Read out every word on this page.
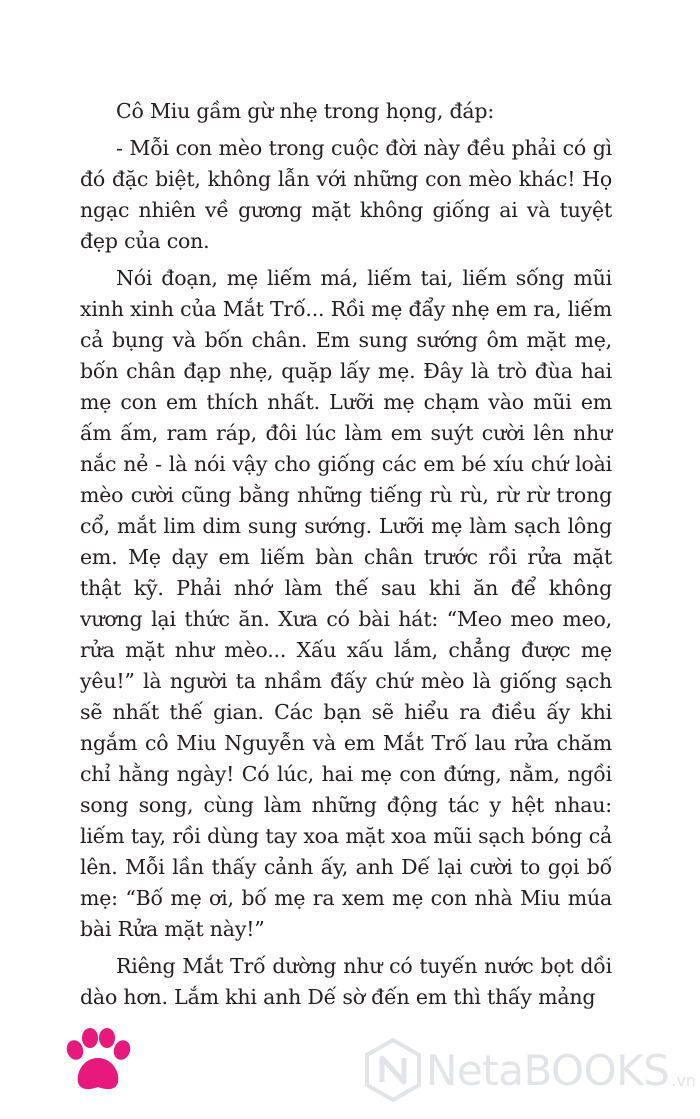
Cô Miu gầm gừ nhẹ trong họng, đáp:

- Mỗi con mèo trong cuộc đời này đều phải có gì đó đặc biệt, không lẫn với những con mèo khác! Họ ngạc nhiên về gương mặt không giống ai và tuyệt đẹp của con.

Nói đoạn, mẹ liếm má, liếm tai, liếm sống mũi xinh xinh của Mắt Trố... Rồi mẹ đẩy nhẹ em ra, liếm cả bụng và bốn chân. Em sung sướng ôm mặt mẹ, bốn chân đạp nhẹ, quặp lấy mẹ. Đây là trò đùa hai mẹ con em thích nhất. Lưỡi mẹ chạm vào mũi em ấm ấm, ram ráp, đôi lúc làm em suýt cười lên như nắc nẻ - là nói vậy cho giống các em bé xíu chứ loài mèo cười cũng bằng những tiếng rù rù, rừ rừ trong cổ, mắt lim dim sung sướng. Lưỡi mẹ làm sạch lông em. Mẹ dạy em liếm bàn chân trước rồi rửa mặt thật kỹ. Phải nhớ làm thế sau khi ăn để không vương lại thức ăn. Xưa có bài hát: “Meo meo meo, rửa mặt như mèo... Xấu xấu lắm, chẳng được mẹ yêu!” là người ta nhầm đấy chứ mèo là giống sạch sẽ nhất thế gian. Các bạn sẽ hiểu ra điều ấy khi ngắm cô Miu Nguyễn và em Mắt Trố lau rửa chăm chỉ hằng ngày! Có lúc, hai mẹ con đứng, nằm, ngồi song song, cùng làm những động tác y hệt nhau: liếm tay, rồi dùng tay xoa mặt xoa mũi sạch bóng cả lên. Mỗi lần thấy cảnh ấy, anh Dế lại cười to gọi bố mẹ: “Bố mẹ ơi, bố mẹ ra xem mẹ con nhà Miu múa bài Rửa mặt này!”

Riêng Mắt Trố dường như có tuyến nước bọt dồi dào hơn. Lắm khi anh Dế sờ đến em thì thấy mảng

NetaBOOKS .vn
